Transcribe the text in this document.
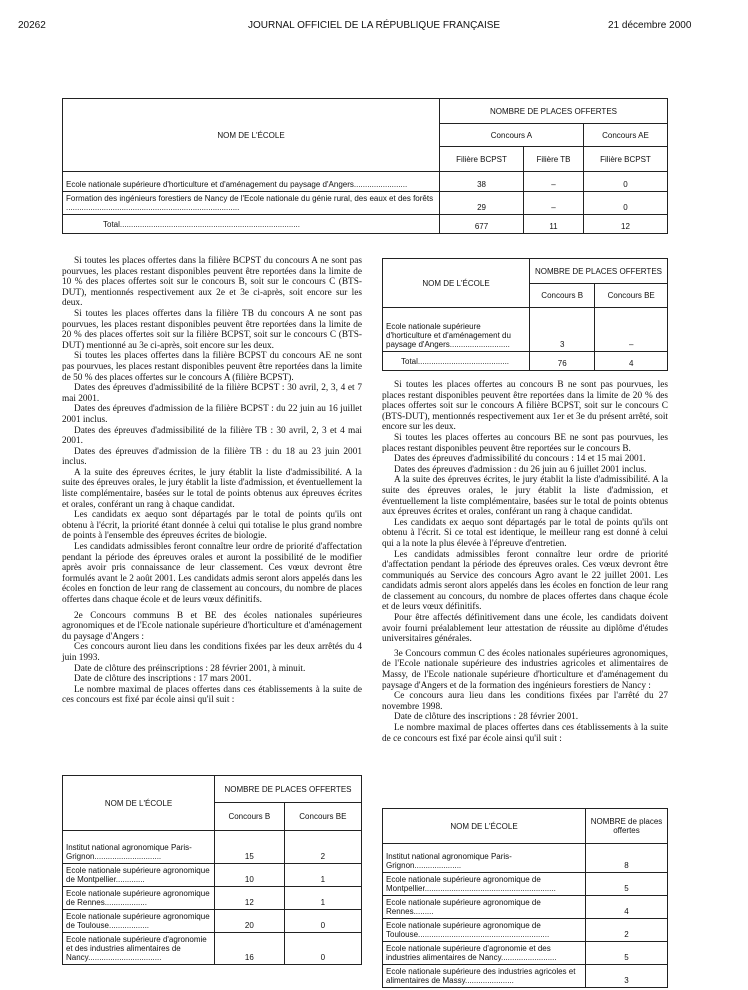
20262	JOURNAL OFFICIEL DE LA RÉPUBLIQUE FRANÇAISE	21 décembre 2000
NOM DE L'ÉCOLE	NOMBRE DE PLACES OFFERTES		
	Concours A		Concours AE
	Filière BCPST	Filière TB	Filière BCPST
Ecole nationale supérieure d'horticulture et d'aménagement du paysage d'Angers........................	38	–	0
Formation des ingénieurs forestiers de Nancy de l'Ecole nationale du génie rural, des eaux et des forêts ..............................................................................	29	–	0
Total.................................................................................	677	11	12

Si toutes les places offertes dans la filière BCPST du concours A ne sont pas pourvues, les places restant disponibles peuvent être reportées dans la limite de 10 % des places offertes soit sur le concours B, soit sur le concours C (BTS-DUT), mentionnés respectivement aux 2e et 3e ci-après, soit encore sur les deux.

Si toutes les places offertes dans la filière TB du concours A ne sont pas pourvues, les places restant disponibles peuvent être reportées dans la limite de 20 % des places offertes soit sur la filière BCPST, soit sur le concours C (BTS-DUT) mentionné au 3e ci-après, soit encore sur les deux.

Si toutes les places offertes dans la filière BCPST du concours AE ne sont pas pourvues, les places restant disponibles peuvent être reportées dans la limite de 50 % des places offertes sur le concours A (filière BCPST).

Dates des épreuves d'admissibilité de la filière BCPST : 30 avril, 2, 3, 4 et 7 mai 2001.

Dates des épreuves d'admission de la filière BCPST : du 22 juin au 16 juillet 2001 inclus.

Dates des épreuves d'admissibilité de la filière TB : 30 avril, 2, 3 et 4 mai 2001.

Dates des épreuves d'admission de la filière TB : du 18 au 23 juin 2001 inclus.

A la suite des épreuves écrites, le jury établit la liste d'admissibilité. A la suite des épreuves orales, le jury établit la liste d'admission, et éventuellement la liste complémentaire, basées sur le total de points obtenus aux épreuves écrites et orales, conférant un rang à chaque candidat.

Les candidats ex aequo sont départagés par le total de points qu'ils ont obtenu à l'écrit, la priorité étant donnée à celui qui totalise le plus grand nombre de points à l'ensemble des épreuves écrites de biologie.

Les candidats admissibles feront connaître leur ordre de priorité d'affectation pendant la période des épreuves orales et auront la possibilité de le modifier après avoir pris connaissance de leur classement. Ces vœux devront être formulés avant le 2 août 2001. Les candidats admis seront alors appelés dans les écoles en fonction de leur rang de classement au concours, du nombre de places offertes dans chaque école et de leurs vœux définitifs.

2e Concours communs B et BE des écoles nationales supérieures agronomiques et de l'Ecole nationale supérieure d'horticulture et d'aménagement du paysage d'Angers :

Ces concours auront lieu dans les conditions fixées par les deux arrêtés du 4 juin 1993.

Date de clôture des préinscriptions : 28 février 2001, à minuit.

Date de clôture des inscriptions : 17 mars 2001.

Le nombre maximal de places offertes dans ces établissements à la suite de ces concours est fixé par école ainsi qu'il suit :

NOM DE L'ÉCOLE	NOMBRE DE PLACES OFFERTES	
	Concours B	Concours BE
Institut national agronomique Paris-Grignon..............................	15	2
Ecole nationale supérieure agronomique de Montpellier.............	10	1
Ecole nationale supérieure agronomique de Rennes...................	12	1
Ecole nationale supérieure agronomique de Toulouse..................	20	0
Ecole nationale supérieure d'agronomie et des industries alimentaires de Nancy.................................	16	0
NOM DE L'ÉCOLE	NOMBRE DE PLACES OFFERTES	
	Concours B	Concours BE
Ecole nationale supérieure d'horticulture et d'aménagement du paysage d'Angers...........................	3	–
Total.........................................	76	4

Si toutes les places offertes au concours B ne sont pas pourvues, les places restant disponibles peuvent être reportées dans la limite de 20 % des places offertes soit sur le concours A filière BCPST, soit sur le concours C (BTS-DUT), mentionnés respectivement aux 1er et 3e du présent arrêté, soit encore sur les deux.

Si toutes les places offertes au concours BE ne sont pas pourvues, les places restant disponibles peuvent être reportées sur le concours B.

Dates des épreuves d'admissibilité du concours : 14 et 15 mai 2001.

Dates des épreuves d'admission : du 26 juin au 6 juillet 2001 inclus.

A la suite des épreuves écrites, le jury établit la liste d'admissibilité. A la suite des épreuves orales, le jury établit la liste d'admission, et éventuellement la liste complémentaire, basées sur le total de points obtenus aux épreuves écrites et orales, conférant un rang à chaque candidat.

Les candidats ex aequo sont départagés par le total de points qu'ils ont obtenu à l'écrit. Si ce total est identique, le meilleur rang est donné à celui qui a la note la plus élevée à l'épreuve d'entretien.

Les candidats admissibles feront connaître leur ordre de priorité d'affectation pendant la période des épreuves orales. Ces vœux devront être communiqués au Service des concours Agro avant le 22 juillet 2001. Les candidats admis seront alors appelés dans les écoles en fonction de leur rang de classement au concours, du nombre de places offertes dans chaque école et de leurs vœux définitifs.

Pour être affectés définitivement dans une école, les candidats doivent avoir fourni préalablement leur attestation de réussite au diplôme d'études universitaires générales.

3e Concours commun C des écoles nationales supérieures agronomiques, de l'Ecole nationale supérieure des industries agricoles et alimentaires de Massy, de l'Ecole nationale supérieure d'horticulture et d'aménagement du paysage d'Angers et de la formation des ingénieurs forestiers de Nancy :

Ce concours aura lieu dans les conditions fixées par l'arrêté du 27 novembre 1998.

Date de clôture des inscriptions : 28 février 2001.

Le nombre maximal de places offertes dans ces établissements à la suite de ce concours est fixé par école ainsi qu'il suit :

NOM DE L'ÉCOLE	NOMBRE de places offertes
Institut national agronomique Paris-Grignon.....................	8
Ecole nationale supérieure agronomique de Montpellier...........................................................	5
Ecole nationale supérieure agronomique de Rennes.........	4
Ecole nationale supérieure agronomique de Toulouse...........................................................	2
Ecole nationale supérieure d'agronomie et des industries alimentaires de Nancy.........................	5
Ecole nationale supérieure des industries agricoles et alimentaires de Massy......................	3
